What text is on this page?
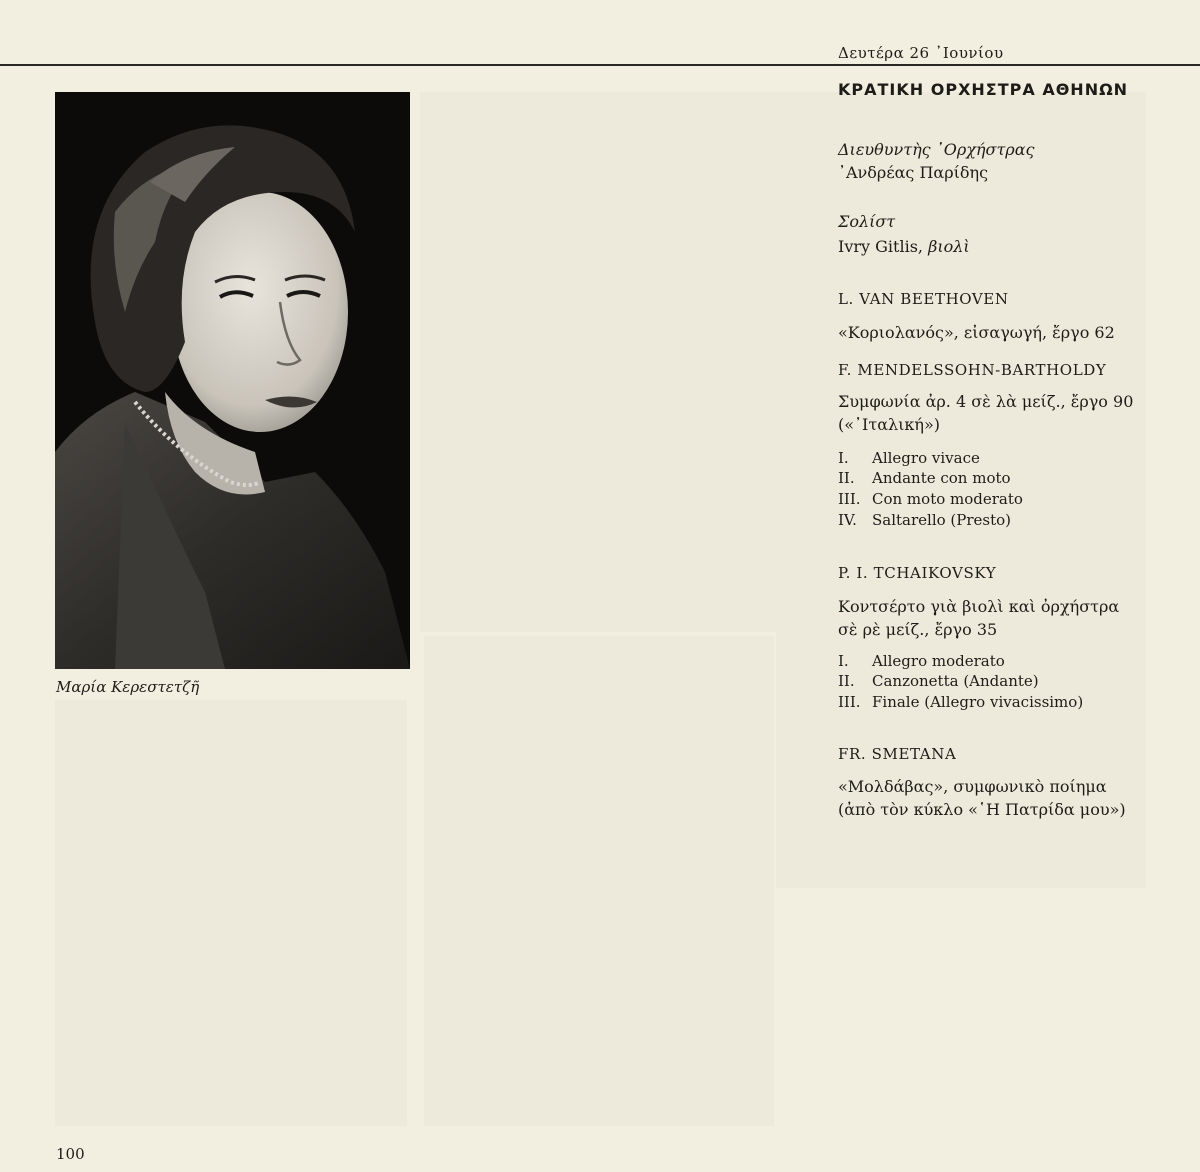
Δευτέρα 26 ᾿Ιουνίου
Μαρία Κερεστετζῆ
ΚΡΑΤΙΚΗ ΟΡΧΗΣΤΡΑ ΑΘΗΝΩΝ
Διευθυντὴς ᾿Ορχήστρας
᾿Ανδρέας Παρίδης
Σολίστ
Ivry Gitlis, βιολὶ
L. VAN BEETHOVEN
«Κοριολανός», εἰσαγωγή, ἔργο 62
F. MENDELSSOHN-BARTHOLDY
Συμφωνία ἀρ. 4 σὲ λὰ μείζ., ἔργο 90
(«᾿Ιταλική»)
I. Allegro vivace
II. Andante con moto
III. Con moto moderato
IV. Saltarello (Presto)
P. I. TCHAIKOVSKY
Κοντσέρτο γιὰ βιολὶ καὶ ὀρχήστρα
σὲ ρὲ μείζ., ἔργο 35
I. Allegro moderato
II. Canzonetta (Andante)
III. Finale (Allegro vivacissimo)
FR. SMETANA
«Μολδάβας», συμφωνικὸ ποίημα
(ἀπὸ τὸν κύκλο «῾Η Πατρίδα μου»)
100
